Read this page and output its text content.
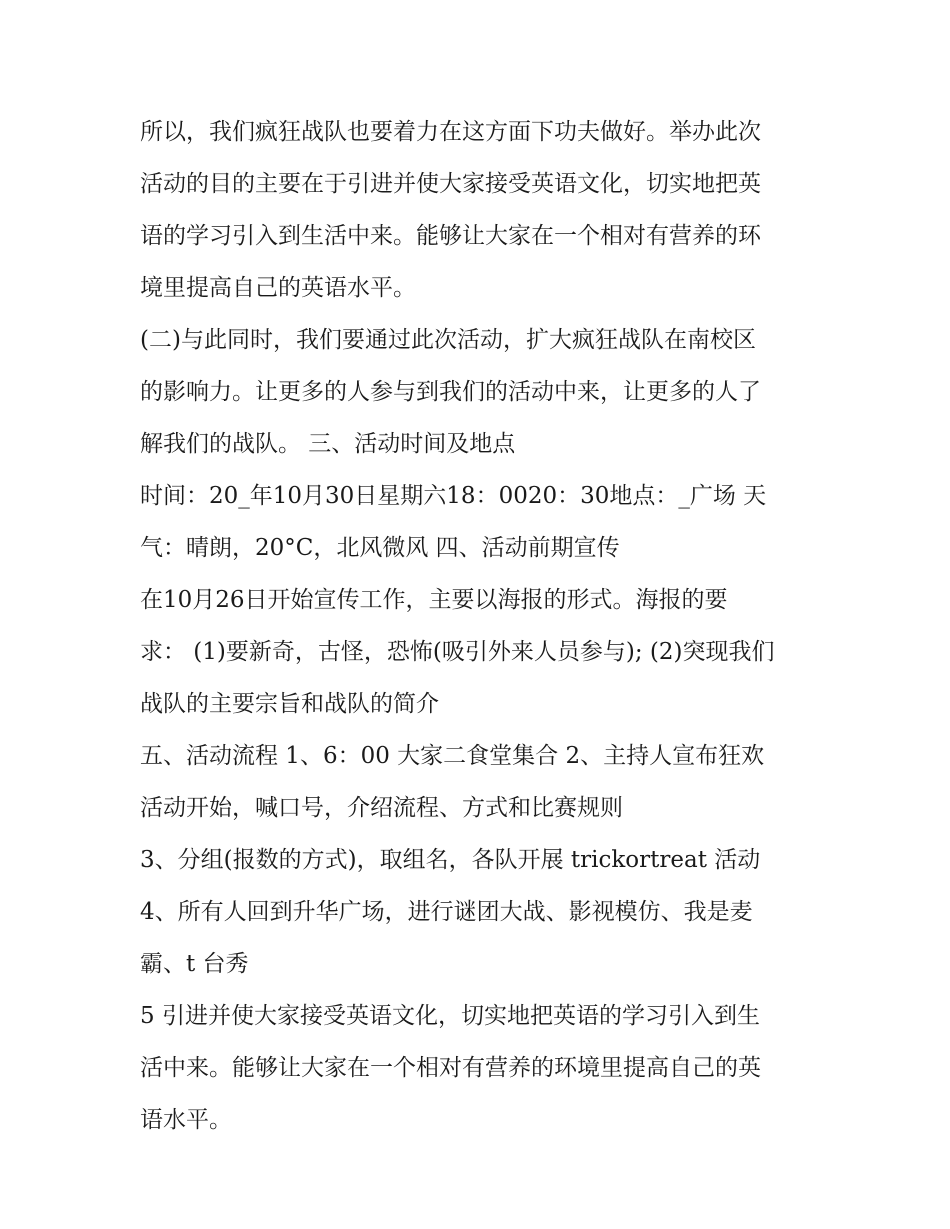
所以，我们疯狂战队也要着力在这方面下功夫做好。举办此次
活动的目的主要在于引进并使大家接受英语文化，切实地把英
语的学习引入到生活中来。能够让大家在一个相对有营养的环
境里提高自己的英语水平。
(二)与此同时，我们要通过此次活动，扩大疯狂战队在南校区
的影响力。让更多的人参与到我们的活动中来，让更多的人了
解我们的战队。 三、活动时间及地点
时间：20_年10月30日星期六18：0020：30地点：_广场 天
气：晴朗，20°C，北风微风 四、活动前期宣传
在10月26日开始宣传工作，主要以海报的形式。海报的要
求： (1)要新奇，古怪，恐怖(吸引外来人员参与); (2)突现我们
战队的主要宗旨和战队的简介
五、活动流程 1、6：00 大家二食堂集合 2、主持人宣布狂欢
活动开始，喊口号，介绍流程、方式和比赛规则
3、分组(报数的方式)，取组名，各队开展 trickortreat 活动
4、所有人回到升华广场，进行谜团大战、影视模仿、我是麦
霸、t 台秀
5 引进并使大家接受英语文化，切实地把英语的学习引入到生
活中来。能够让大家在一个相对有营养的环境里提高自己的英
语水平。
